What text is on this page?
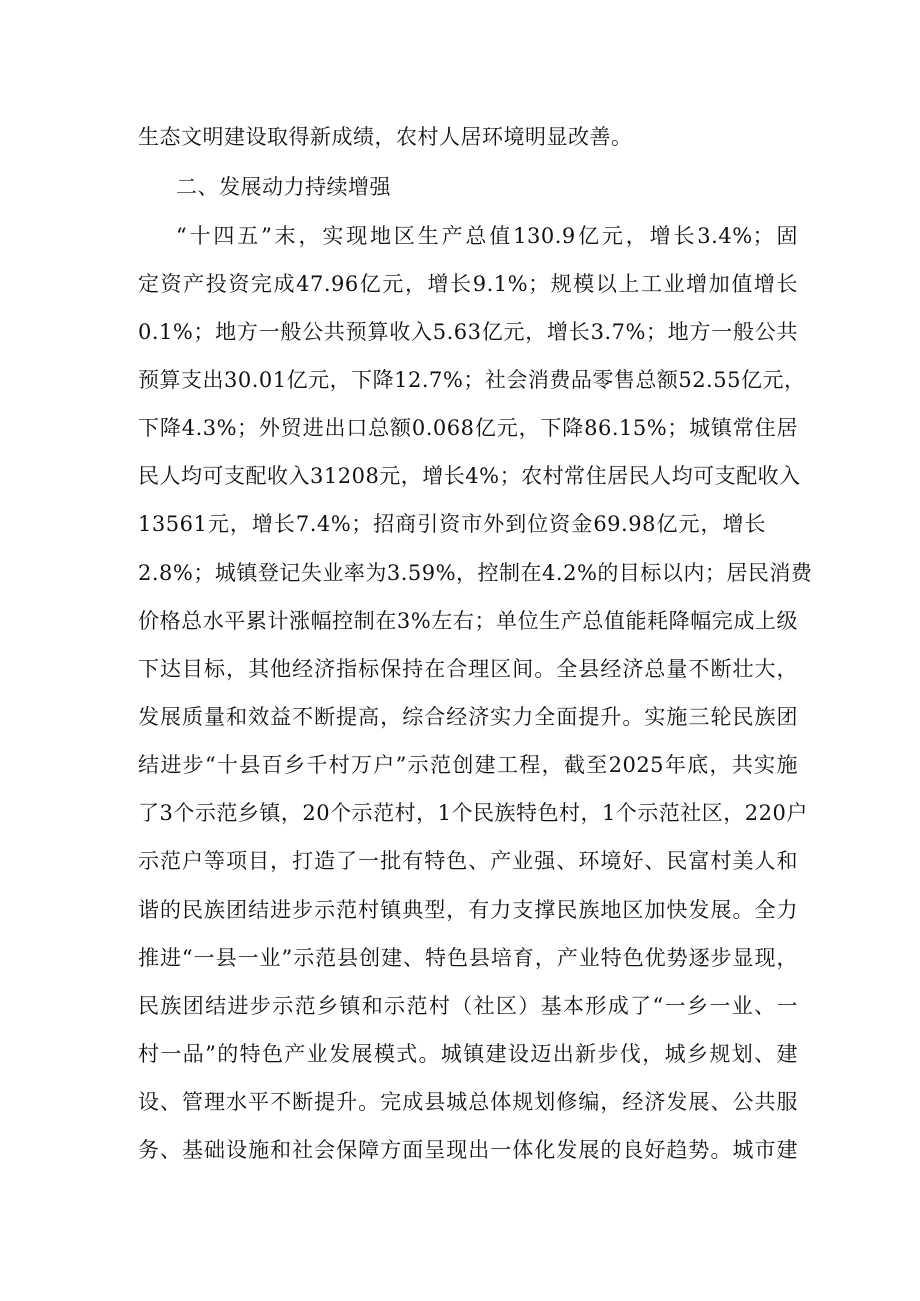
生态文明建设取得新成绩，农村人居环境明显改善。
二、发展动力持续增强
“十四五”末，实现地区生产总值130.9亿元，增长3.4%；固
定资产投资完成47.96亿元，增长9.1%；规模以上工业增加值增长
0.1%；地方一般公共预算收入5.63亿元，增长3.7%；地方一般公共
预算支出30.01亿元，下降12.7%；社会消费品零售总额52.55亿元，
下降4.3%；外贸进出口总额0.068亿元，下降86.15%；城镇常住居
民人均可支配收入31208元，增长4%；农村常住居民人均可支配收入
13561元，增长7.4%；招商引资市外到位资金69.98亿元，增长
2.8%；城镇登记失业率为3.59%，控制在4.2%的目标以内；居民消费
价格总水平累计涨幅控制在3%左右；单位生产总值能耗降幅完成上级
下达目标，其他经济指标保持在合理区间。全县经济总量不断壮大，
发展质量和效益不断提高，综合经济实力全面提升。实施三轮民族团
结进步“十县百乡千村万户”示范创建工程，截至2025年底，共实施
了3个示范乡镇，20个示范村，1个民族特色村，1个示范社区，220户
示范户等项目，打造了一批有特色、产业强、环境好、民富村美人和
谐的民族团结进步示范村镇典型，有力支撑民族地区加快发展。全力
推进“一县一业”示范县创建、特色县培育，产业特色优势逐步显现，
民族团结进步示范乡镇和示范村（社区）基本形成了“一乡一业、一
村一品”的特色产业发展模式。城镇建设迈出新步伐，城乡规划、建
设、管理水平不断提升。完成县城总体规划修编，经济发展、公共服
务、基础设施和社会保障方面呈现出一体化发展的良好趋势。城市建
